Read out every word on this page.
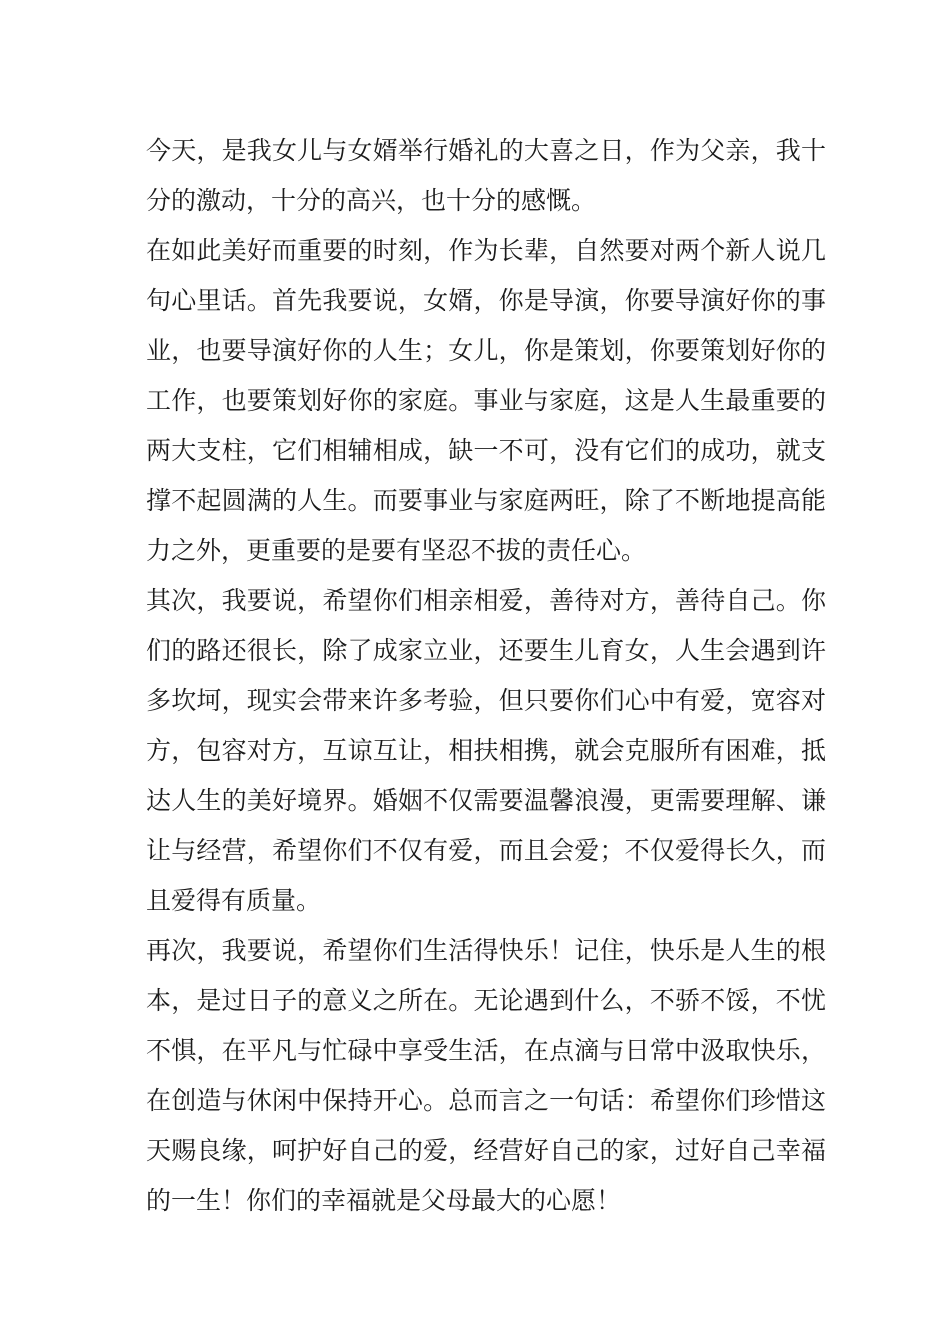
今天，是我女儿与女婿举行婚礼的大喜之日，作为父亲，我十分的激动，十分的高兴，也十分的感慨。

在如此美好而重要的时刻，作为长辈，自然要对两个新人说几句心里话。首先我要说，女婿，你是导演，你要导演好你的事业，也要导演好你的人生；女儿，你是策划，你要策划好你的工作，也要策划好你的家庭。事业与家庭，这是人生最重要的两大支柱，它们相辅相成，缺一不可，没有它们的成功，就支撑不起圆满的人生。而要事业与家庭两旺，除了不断地提高能力之外，更重要的是要有坚忍不拔的责任心。

其次，我要说，希望你们相亲相爱，善待对方，善待自己。你们的路还很长，除了成家立业，还要生儿育女，人生会遇到许多坎坷，现实会带来许多考验，但只要你们心中有爱，宽容对方，包容对方，互谅互让，相扶相携，就会克服所有困难，抵达人生的美好境界。婚姻不仅需要温馨浪漫，更需要理解、谦让与经营，希望你们不仅有爱，而且会爱；不仅爱得长久，而且爱得有质量。

再次，我要说，希望你们生活得快乐！记住，快乐是人生的根本，是过日子的意义之所在。无论遇到什么，不骄不馁，不忧不惧，在平凡与忙碌中享受生活，在点滴与日常中汲取快乐，在创造与休闲中保持开心。总而言之一句话：希望你们珍惜这天赐良缘，呵护好自己的爱，经营好自己的家，过好自己幸福的一生！你们的幸福就是父母最大的心愿！
